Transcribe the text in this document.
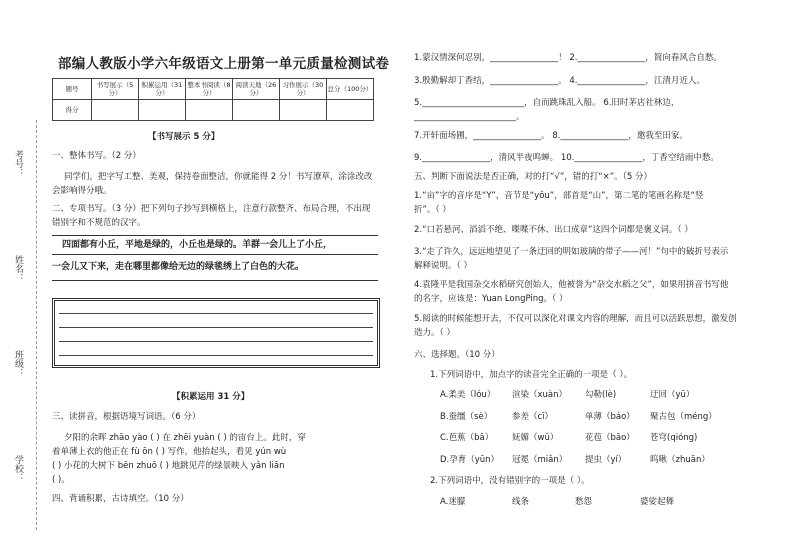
考号：
姓名：
班级：
学校：
部编人教版小学六年级语文上册第一单元质量检测试卷
题号	书写展示（5分）	积累运用（31分）	整本书阅读（8分）	阅读天地（26分）	习作展示（30分）	总分（100分）
得分						
【书写展示 5 分】
一、整体书写。（2 分）
同学们，把字写工整、美观，保持卷面整洁，你就能得 2 分！书写潦草，涂涂改改
会影响得分哦。
二、专项书写。（3 分）把下列句子抄写到横格上，注意行款整齐、布局合理，不出现
错别字和不规范的汉字。
四面都有小丘，平地是绿的，小丘也是绿的。羊群一会儿上了小丘，
一会儿又下来，走在哪里都像给无边的绿毯绣上了白色的大花。
【积累运用 31 分】
三、读拼音，根据语境写词语。（6 分）
夕阳的余晖 zhāo yào ( ) 在 zhēi yuàn ( ) 的宙台上。此时，穿
着单薄上衣的他正在 fù ōn ( ) 写作，他抬起头，看见 yún wù
( ) 小花的大树下 bēn zhuō ( ) 地跳见芹的绿景映入 yǎn liān
( )。
四、背诵积累，古诗填空。（10 分）
1.蒙汉情深何忍别，________________！ 2.________________，简向春风合自愁。
3.殷勤解却丁香结，________________。 4.________________，江清月近人。
5.________________________，自而跳珠乱入船。 6.旧时茅店社林边，
________________________。
7.开轩面场圃，________________。 8.________________，邀我至田家。
9.________________，清风半夜鸣蝉。 10.________________，丁香空结雨中愁。
五、判断下面说法是否正确，对的打“√”，错的打“×”。（5 分）
1.“亩”字的音序是“Y”，音节是“yǒu”，部首是“山”，第二笔的笔画名称是“竖
折”。（ ）
2.“口若悬河、滔滔不绝、喋喋不休、出口成章”这四个词都是褒义词。（ ）
3.“走了许久，远远地望见了一条迂回的明如玻璃的带子——河！”句中的破折号表示
解释说明。（ ）
4.袁隆平是我国杂交水稻研究创始人，他被誉为“杂交水稻之父”，如果用拼音书写他
的名字，应该是：Yuan LongPing。（ ）
5.阅读的时候能想开去，不仅可以深化对课文内容的理解，而且可以活跃思想，激发创
造力。（ ）
六、选择题。（10 分）
1.下列词语中，加点字的读音完全正确的一项是（ ）。
A.柔美（lóu） 渲染（xuàn） 勾勒(lè)	迂回（yū）
B.蚕缰（sè） 参差（cī）	单薄（báo） 聚古包（méng）
C.芭蕉（bā） 妩媚（wǔ）	花苞（bāo） 苍穹(qióng)
D.孕育（yūn） 冠冕（miǎn） 提虫（yí）	呜啾（zhuān）
2.下列词语中，没有错别字的一项是（ ）。
A.迷朦	线条	愁怨	婆娑起舞
